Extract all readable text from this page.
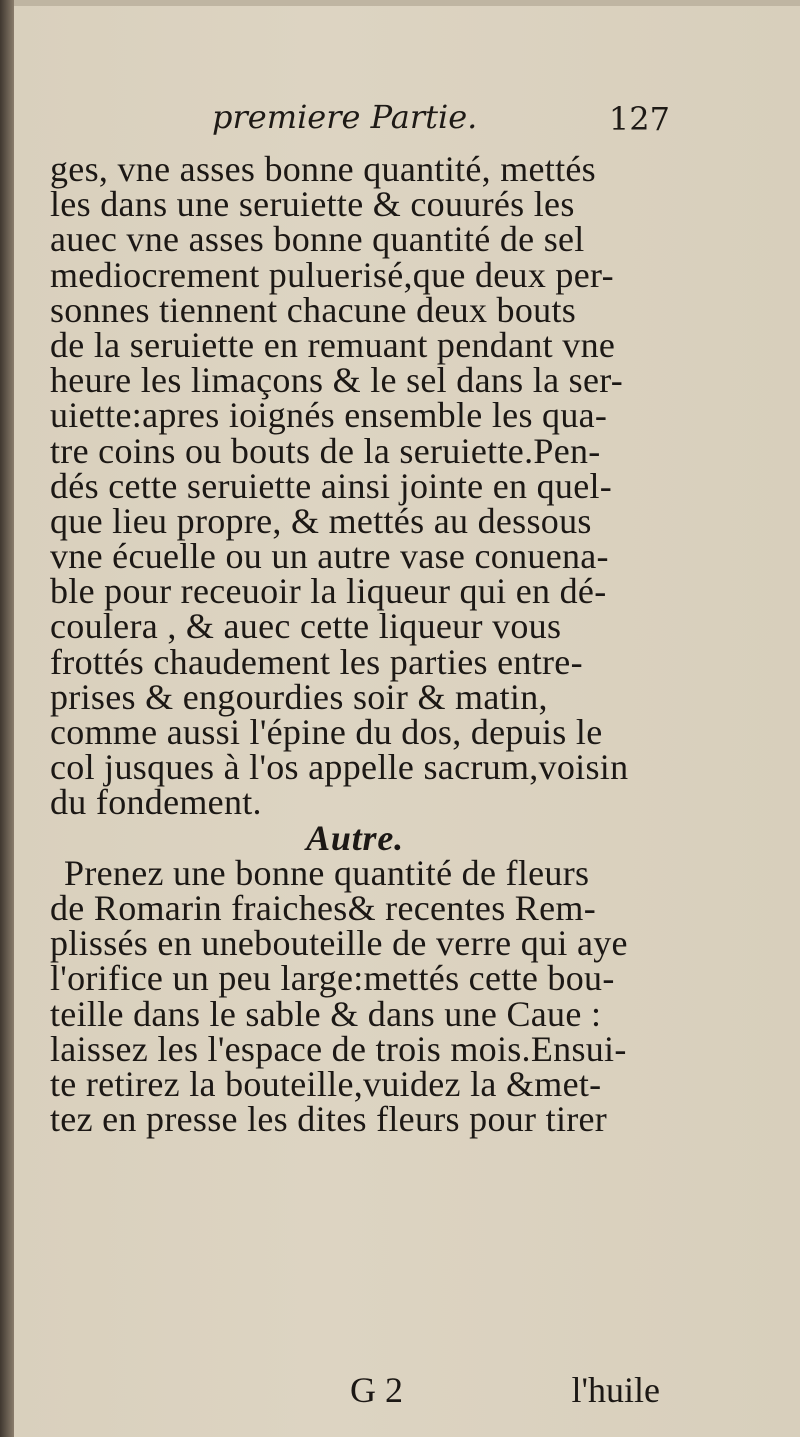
premiere Partie.	127
ges, vne asses bonne quantité, mettés
les dans une seruiette & couurés les
auec vne asses bonne quantité de sel
mediocrement puluerisé,que deux per-
sonnes tiennent chacune deux bouts
de la seruiette en remuant pendant vne
heure les limaçons & le sel dans la ser-
uiette:apres ioignés ensemble les qua-
tre coins ou bouts de la seruiette.Pen-
dés cette seruiette ainsi jointe en quel-
que lieu propre, & mettés au dessous
vne écuelle ou un autre vase conuena-
ble pour receuoir la liqueur qui en dé-
coulera , & auec cette liqueur vous
frottés chaudement les parties entre-
prises & engourdies soir & matin,
comme aussi l'épine du dos, depuis le
col jusques à l'os appelle sacrum,voisin
du fondement.
Autre.
Prenez une bonne quantité de fleurs
de Romarin fraiches& recentes Rem-
plissés en unebouteille de verre qui aye
l'orifice un peu large:mettés cette bou-
teille dans le sable & dans une Caue :
laissez les l'espace de trois mois.Ensui-
te retirez la bouteille,vuidez la &met-
tez en presse les dites fleurs pour tirer
G 2	l'huile
